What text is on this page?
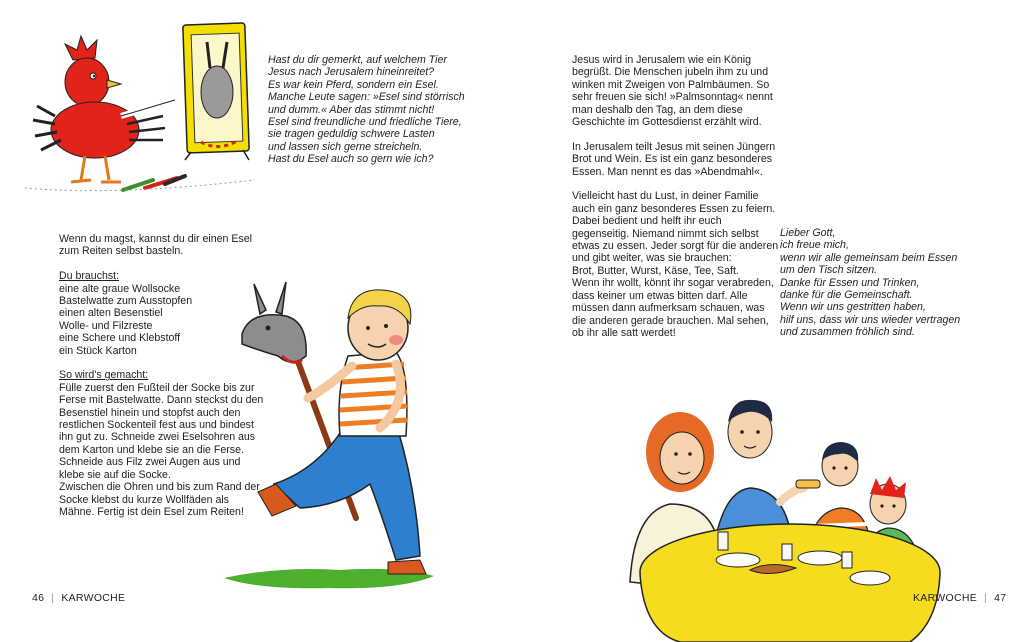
Hast du dir gemerkt, auf welchem Tier

Jesus nach Jerusalem hineinreitet?

Es war kein Pferd, sondern ein Esel.

Manche Leute sagen: »Esel sind störrisch

und dumm.« Aber das stimmt nicht!

Esel sind freundliche und friedliche Tiere,

sie tragen geduldig schwere Lasten

und lassen sich gerne streicheln.

Hast du Esel auch so gern wie ich?

Wenn du magst, kannst du dir einen Esel

zum Reiten selbst basteln.

Du brauchst:

eine alte graue Wollsocke

Bastelwatte zum Ausstopfen

einen alten Besenstiel

Wolle- und Filzreste

eine Schere und Klebstoff

ein Stück Karton

So wird's gemacht:

Fülle zuerst den Fußteil der Socke bis zur

Ferse mit Bastelwatte. Dann steckst du den

Besenstiel hinein und stopfst auch den

restlichen Sockenteil fest aus und bindest

ihn gut zu. Schneide zwei Eselsohren aus

dem Karton und klebe sie an die Ferse.

Schneide aus Filz zwei Augen aus und

klebe sie auf die Socke.

Zwischen die Ohren und bis zum Rand der

Socke klebst du kurze Wollfäden als

Mähne. Fertig ist dein Esel zum Reiten!

46 | KARWOCHE

Jesus wird in Jerusalem wie ein König

begrüßt. Die Menschen jubeln ihm zu und

winken mit Zweigen von Palmbäumen. So

sehr freuen sie sich! »Palmsonntag« nennt

man deshalb den Tag, an dem diese

Geschichte im Gottesdienst erzählt wird.

In Jerusalem teilt Jesus mit seinen Jüngern

Brot und Wein. Es ist ein ganz besonderes

Essen. Man nennt es das »Abendmahl«.

Vielleicht hast du Lust, in deiner Familie

auch ein ganz besonderes Essen zu feiern.

Dabei bedient und helft ihr euch

gegenseitig. Niemand nimmt sich selbst

etwas zu essen. Jeder sorgt für die anderen

und gibt weiter, was sie brauchen:

Brot, Butter, Wurst, Käse, Tee, Saft.

Wenn ihr wollt, könnt ihr sogar verabreden,

dass keiner um etwas bitten darf. Alle

müssen dann aufmerksam schauen, was

die anderen gerade brauchen. Mal sehen,

ob ihr alle satt werdet!

Lieber Gott,

ich freue mich,

wenn wir alle gemeinsam beim Essen

um den Tisch sitzen.

Danke für Essen und Trinken,

danke für die Gemeinschaft.

Wenn wir uns gestritten haben,

hilf uns, dass wir uns wieder vertragen

und zusammen fröhlich sind.

KARWOCHE | 47
